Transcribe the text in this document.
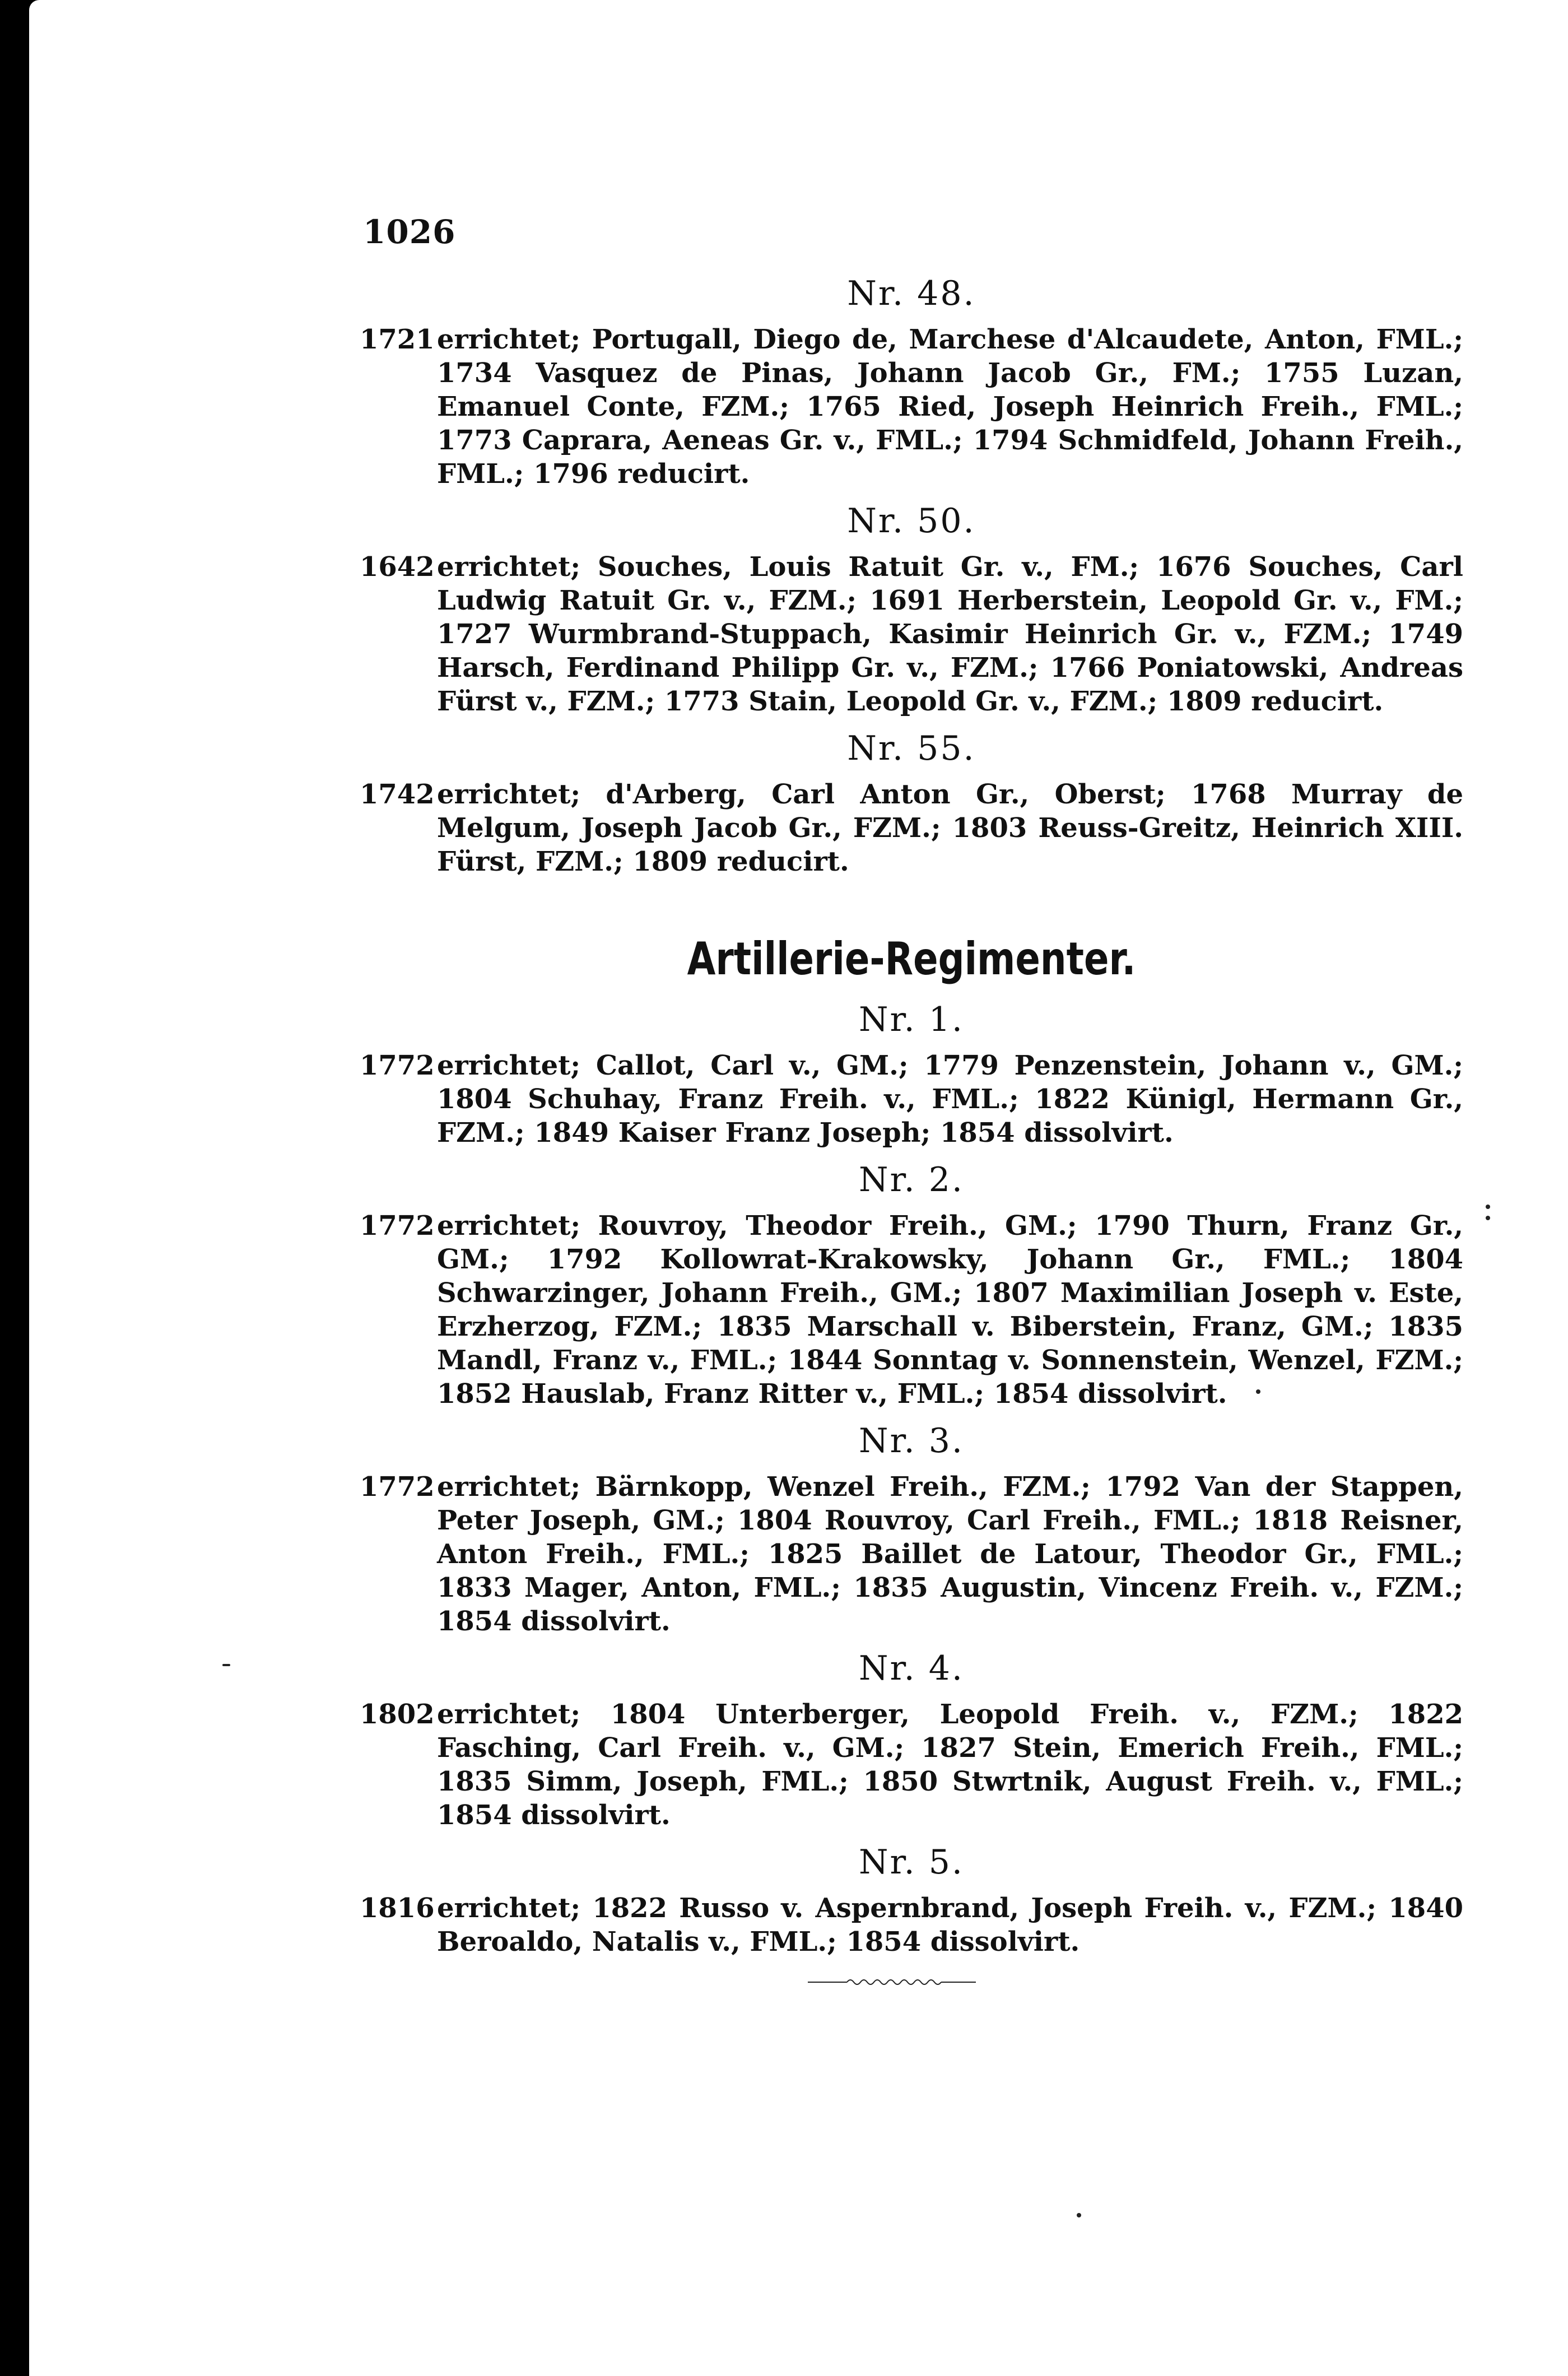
1026
Nr. 48.
1721 errichtet; Portugall, Diego de, Marchese d'Alcaudete, Anton, FML.; 1734 Vasquez de Pinas, Johann Jacob Gr., FM.; 1755 Luzan, Emanuel Conte, FZM.; 1765 Ried, Joseph Heinrich Freih., FML.; 1773 Caprara, Aeneas Gr. v., FML.; 1794 Schmidfeld, Johann Freih., FML.; 1796 reducirt.
Nr. 50.
1642 errichtet; Souches, Louis Ratuit Gr. v., FM.; 1676 Souches, Carl Ludwig Ratuit Gr. v., FZM.; 1691 Herberstein, Leopold Gr. v., FM.; 1727 Wurmbrand-Stuppach, Kasimir Heinrich Gr. v., FZM.; 1749 Harsch, Ferdinand Philipp Gr. v., FZM.; 1766 Poniatowski, Andreas Fürst v., FZM.; 1773 Stain, Leopold Gr. v., FZM.; 1809 reducirt.
Nr. 55.
1742 errichtet; d'Arberg, Carl Anton Gr., Oberst; 1768 Murray de Melgum, Joseph Jacob Gr., FZM.; 1803 Reuss-Greitz, Heinrich XIII. Fürst, FZM.; 1809 reducirt.
Artillerie-Regimenter.
Nr. 1.
1772 errichtet; Callot, Carl v., GM.; 1779 Penzenstein, Johann v., GM.; 1804 Schuhay, Franz Freih. v., FML.; 1822 Künigl, Hermann Gr., FZM.; 1849 Kaiser Franz Joseph; 1854 dissolvirt.
Nr. 2.
1772 errichtet; Rouvroy, Theodor Freih., GM.; 1790 Thurn, Franz Gr., GM.; 1792 Kollowrat-Krakowsky, Johann Gr., FML.; 1804 Schwarzinger, Johann Freih., GM.; 1807 Maximilian Joseph v. Este, Erzherzog, FZM.; 1835 Marschall v. Biberstein, Franz, GM.; 1835 Mandl, Franz v., FML.; 1844 Sonntag v. Sonnenstein, Wenzel, FZM.; 1852 Hauslab, Franz Ritter v., FML.; 1854 dissolvirt.
Nr. 3.
1772 errichtet; Bärnkopp, Wenzel Freih., FZM.; 1792 Van der Stappen, Peter Joseph, GM.; 1804 Rouvroy, Carl Freih., FML.; 1818 Reisner, Anton Freih., FML.; 1825 Baillet de Latour, Theodor Gr., FML.; 1833 Mager, Anton, FML.; 1835 Augustin, Vincenz Freih. v., FZM.; 1854 dissolvirt.
Nr. 4.
1802 errichtet; 1804 Unterberger, Leopold Freih. v., FZM.; 1822 Fasching, Carl Freih. v., GM.; 1827 Stein, Emerich Freih., FML.; 1835 Simm, Joseph, FML.; 1850 Stwrtnik, August Freih. v., FML.; 1854 dissolvirt.
Nr. 5.
1816 errichtet; 1822 Russo v. Aspernbrand, Joseph Freih. v., FZM.; 1840 Beroaldo, Natalis v., FML.; 1854 dissolvirt.
